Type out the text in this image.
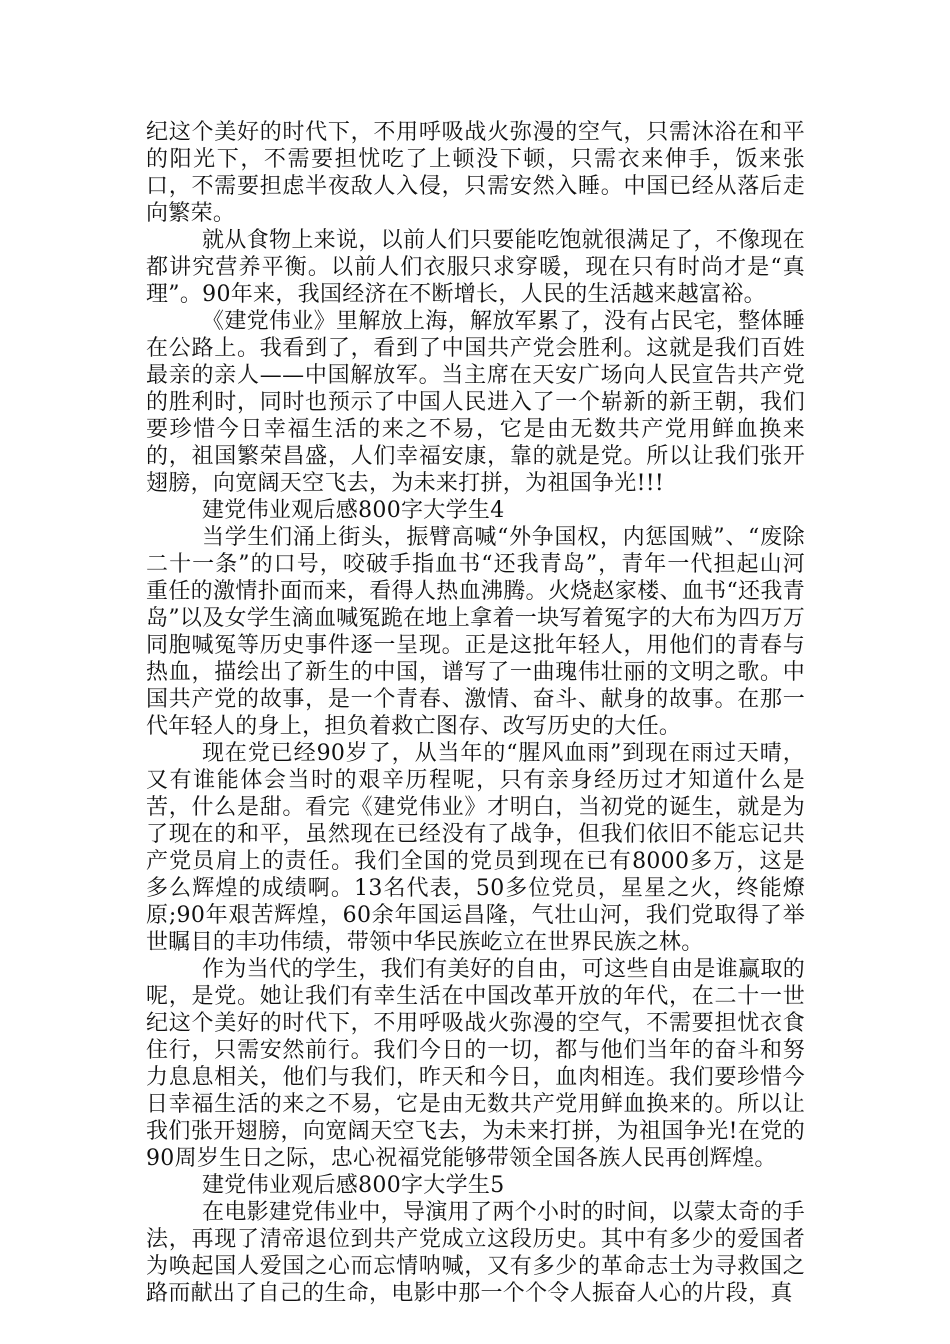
纪这个美好的时代下，不用呼吸战火弥漫的空气，只需沐浴在和平的阳光下，不需要担忧吃了上顿没下顿，只需衣来伸手，饭来张口，不需要担虑半夜敌人入侵，只需安然入睡。中国已经从落后走向繁荣。

就从食物上来说，以前人们只要能吃饱就很满足了，不像现在都讲究营养平衡。以前人们衣服只求穿暖，现在只有时尚才是“真理”。90年来，我国经济在不断增长，人民的生活越来越富裕。

《建党伟业》里解放上海，解放军累了，没有占民宅，整体睡在公路上。我看到了，看到了中国共产党会胜利。这就是我们百姓最亲的亲人——中国解放军。当主席在天安广场向人民宣告共产党的胜利时，同时也预示了中国人民进入了一个崭新的新王朝，我们要珍惜今日幸福生活的来之不易，它是由无数共产党用鲜血换来的，祖国繁荣昌盛，人们幸福安康，靠的就是党。所以让我们张开翅膀，向宽阔天空飞去，为未来打拼，为祖国争光!!!

建党伟业观后感800字大学生4

当学生们涌上街头，振臂高喊“外争国权，内惩国贼”、“废除二十一条”的口号，咬破手指血书“还我青岛”，青年一代担起山河重任的激情扑面而来，看得人热血沸腾。火烧赵家楼、血书“还我青岛”以及女学生滴血喊冤跪在地上拿着一块写着冤字的大布为四万万同胞喊冤等历史事件逐一呈现。正是这批年轻人，用他们的青春与热血，描绘出了新生的中国，谱写了一曲瑰伟壮丽的文明之歌。中国共产党的故事，是一个青春、激情、奋斗、献身的故事。在那一代年轻人的身上，担负着救亡图存、改写历史的大任。

现在党已经90岁了，从当年的“腥风血雨”到现在雨过天晴，又有谁能体会当时的艰辛历程呢，只有亲身经历过才知道什么是苦，什么是甜。看完《建党伟业》才明白，当初党的诞生，就是为了现在的和平，虽然现在已经没有了战争，但我们依旧不能忘记共产党员肩上的责任。我们全国的党员到现在已有8000多万，这是多么辉煌的成绩啊。13名代表，50多位党员，星星之火，终能燎原;90年艰苦辉煌，60余年国运昌隆，气壮山河，我们党取得了举世瞩目的丰功伟绩，带领中华民族屹立在世界民族之林。

作为当代的学生，我们有美好的自由，可这些自由是谁赢取的呢，是党。她让我们有幸生活在中国改革开放的年代，在二十一世纪这个美好的时代下，不用呼吸战火弥漫的空气，不需要担忧衣食住行，只需安然前行。我们今日的一切，都与他们当年的奋斗和努力息息相关，他们与我们，昨天和今日，血肉相连。我们要珍惜今日幸福生活的来之不易，它是由无数共产党用鲜血换来的。所以让我们张开翅膀，向宽阔天空飞去，为未来打拼，为祖国争光!在党的90周岁生日之际，忠心祝福党能够带领全国各族人民再创辉煌。

建党伟业观后感800字大学生5

在电影建党伟业中，导演用了两个小时的时间，以蒙太奇的手法，再现了清帝退位到共产党成立这段历史。其中有多少的爱国者为唤起国人爱国之心而忘情呐喊，又有多少的革命志士为寻救国之路而献出了自己的生命，电影中那一个个令人振奋人心的片段，真
